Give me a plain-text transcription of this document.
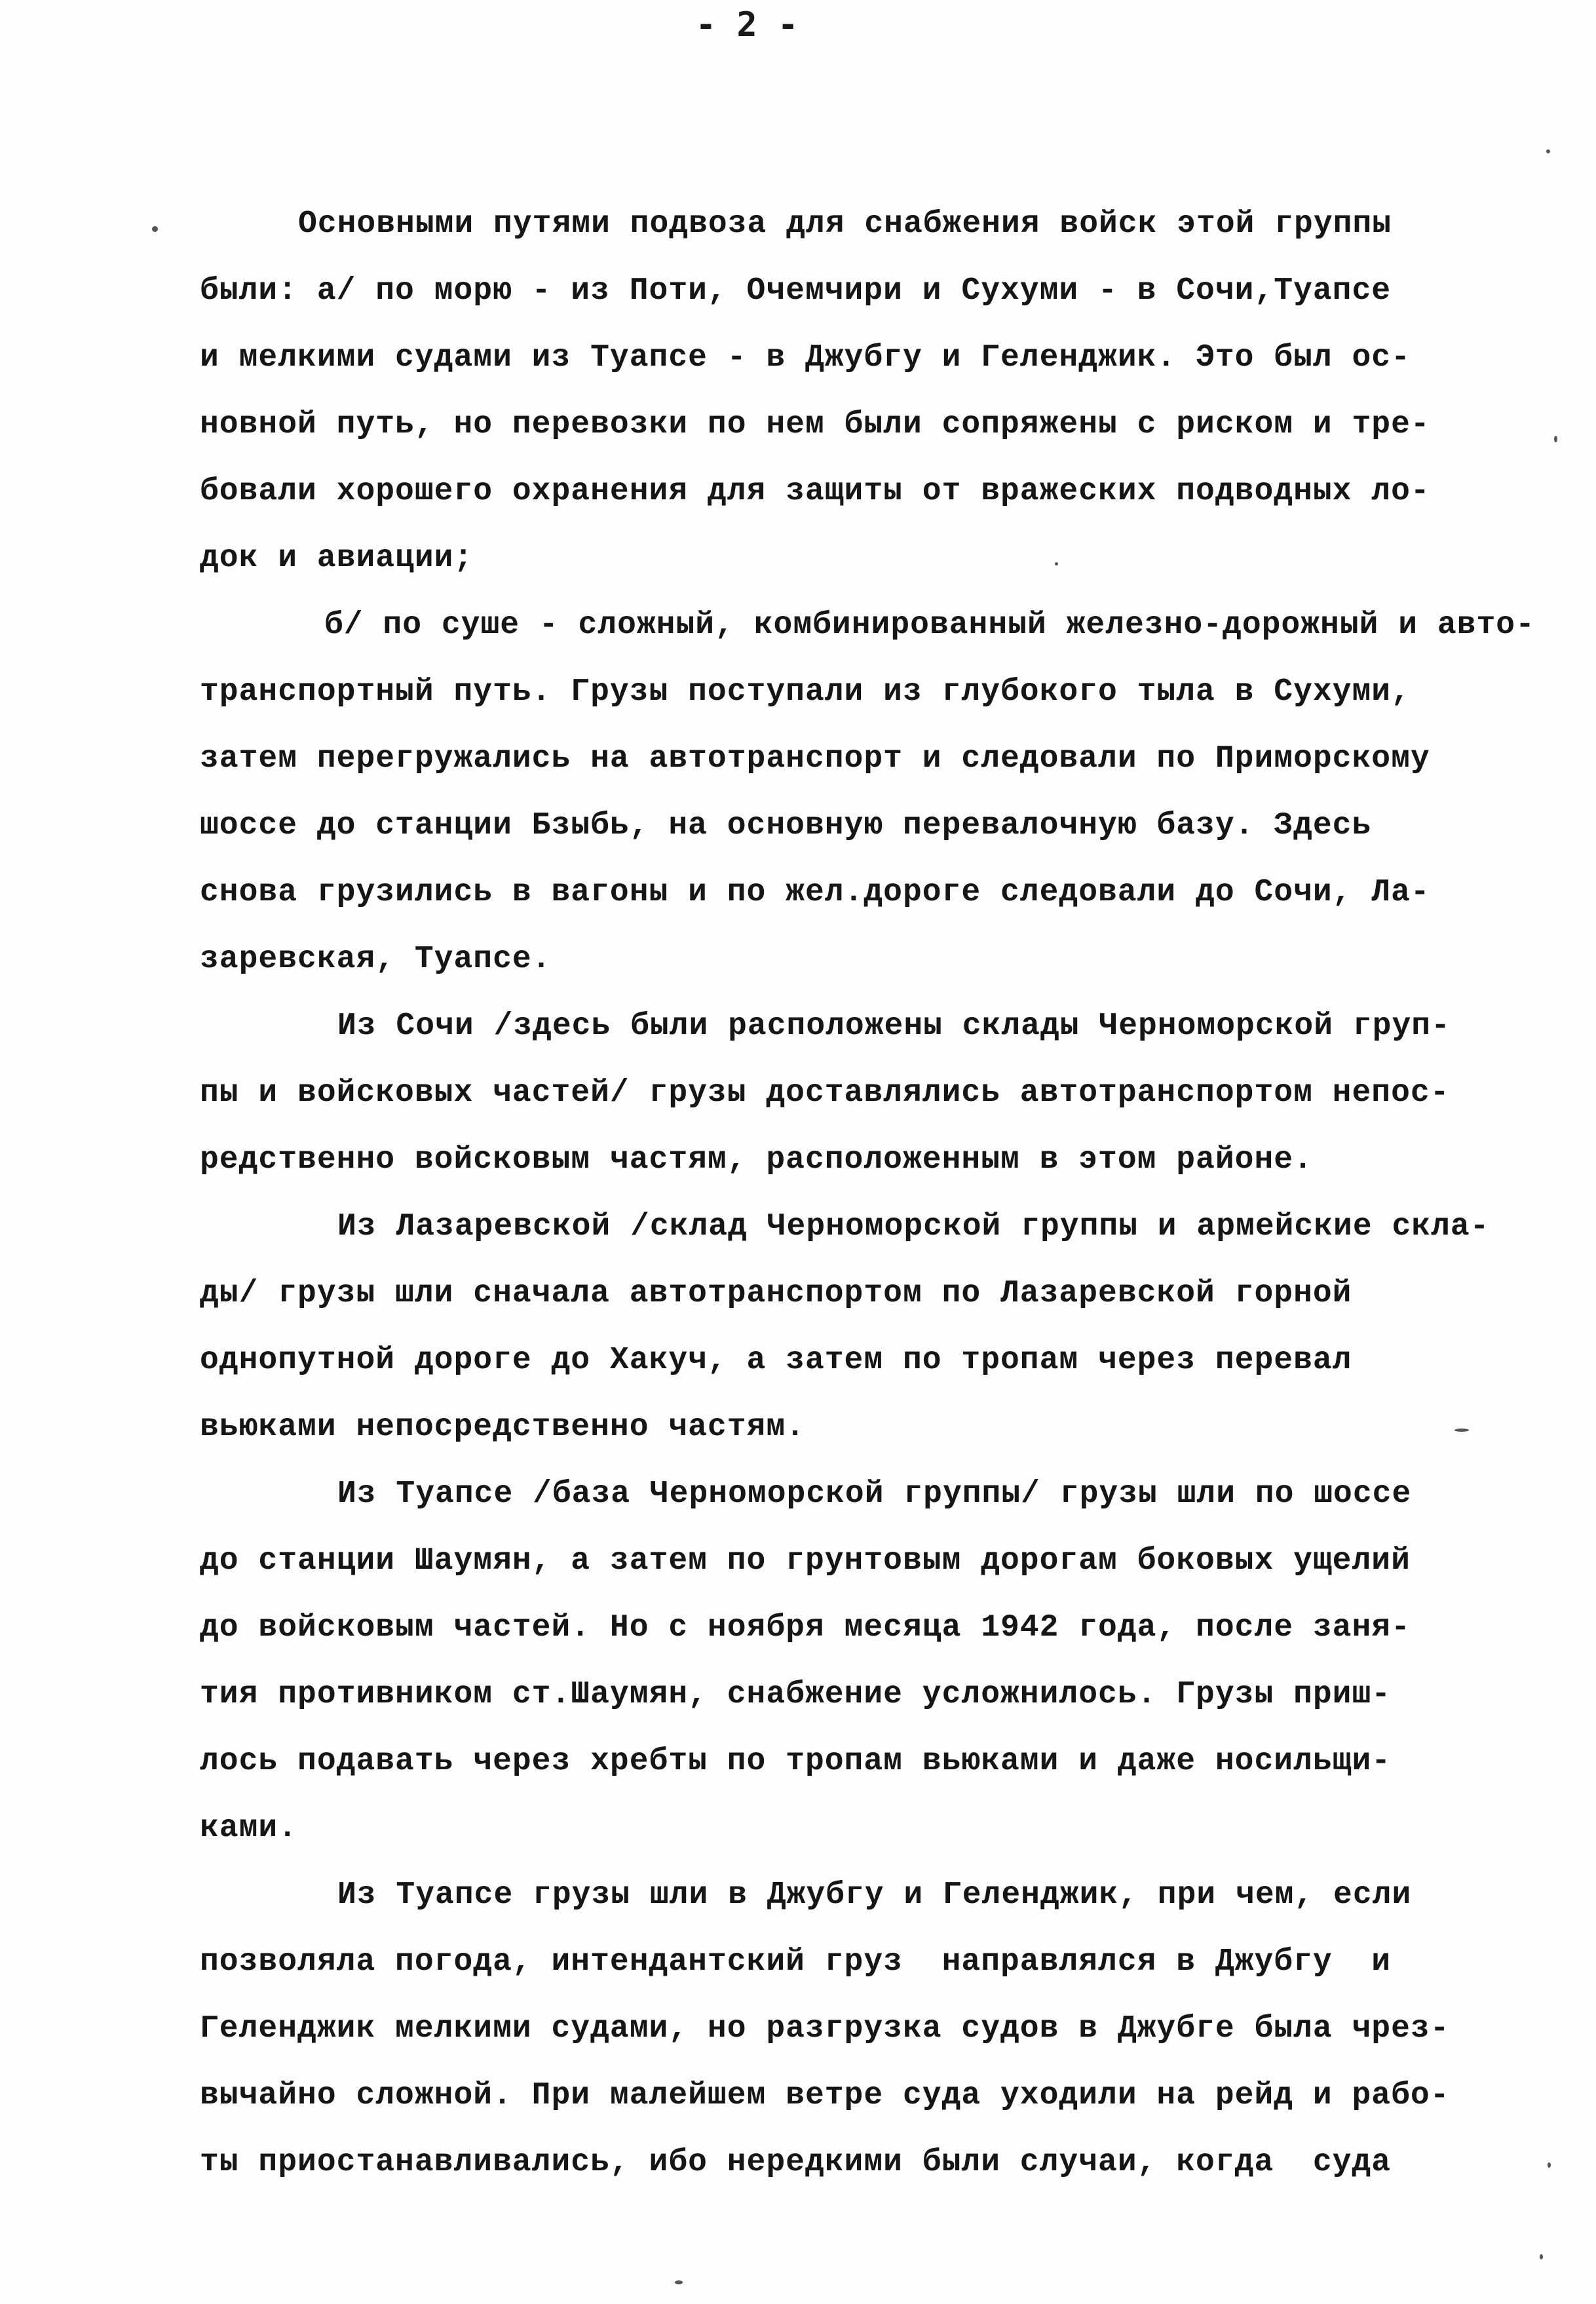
- 2 -
Основными путями подвоза для снабжения войск этой группы
были: а/ по морю - из Поти, Очемчири и Сухуми - в Сочи,Туапсе
и мелкими судами из Туапсе - в Джубгу и Геленджик. Это был ос-
новной путь, но перевозки по нем были сопряжены с риском и тре-
бовали хорошего охранения для защиты от вражеских подводных ло-
док и авиации;
б/ по суше - сложный, комбинированный железно-дорожный и авто-
транспортный путь. Грузы поступали из глубокого тыла в Сухуми,
затем перегружались на автотранспорт и следовали по Приморскому
шоссе до станции Бзыбь, на основную перевалочную базу. Здесь
снова грузились в вагоны и по жел.дороге следовали до Сочи, Ла-
заревская, Туапсе.
Из Сочи /здесь были расположены склады Черноморской груп-
пы и войсковых частей/ грузы доставлялись автотранспортом непос-
редственно войсковым частям, расположенным в этом районе.
Из Лазаревской /склад Черноморской группы и армейские скла-
ды/ грузы шли сначала автотранспортом по Лазаревской горной
однопутной дороге до Хакуч, а затем по тропам через перевал
вьюками непосредственно частям.
Из Туапсе /база Черноморской группы/ грузы шли по шоссе
до станции Шаумян, а затем по грунтовым дорогам боковых ущелий
до войсковым частей. Но с ноября месяца 1942 года, после заня-
тия противником ст.Шаумян, снабжение усложнилось. Грузы приш-
лось подавать через хребты по тропам вьюками и даже носильщи-
ками.
Из Туапсе грузы шли в Джубгу и Геленджик, при чем, если
позволяла погода, интендантский груз  направлялся в Джубгу  и
Геленджик мелкими судами, но разгрузка судов в Джубге была чрез-
вычайно сложной. При малейшем ветре суда уходили на рейд и рабо-
ты приостанавливались, ибо нередкими были случаи, когда  суда
